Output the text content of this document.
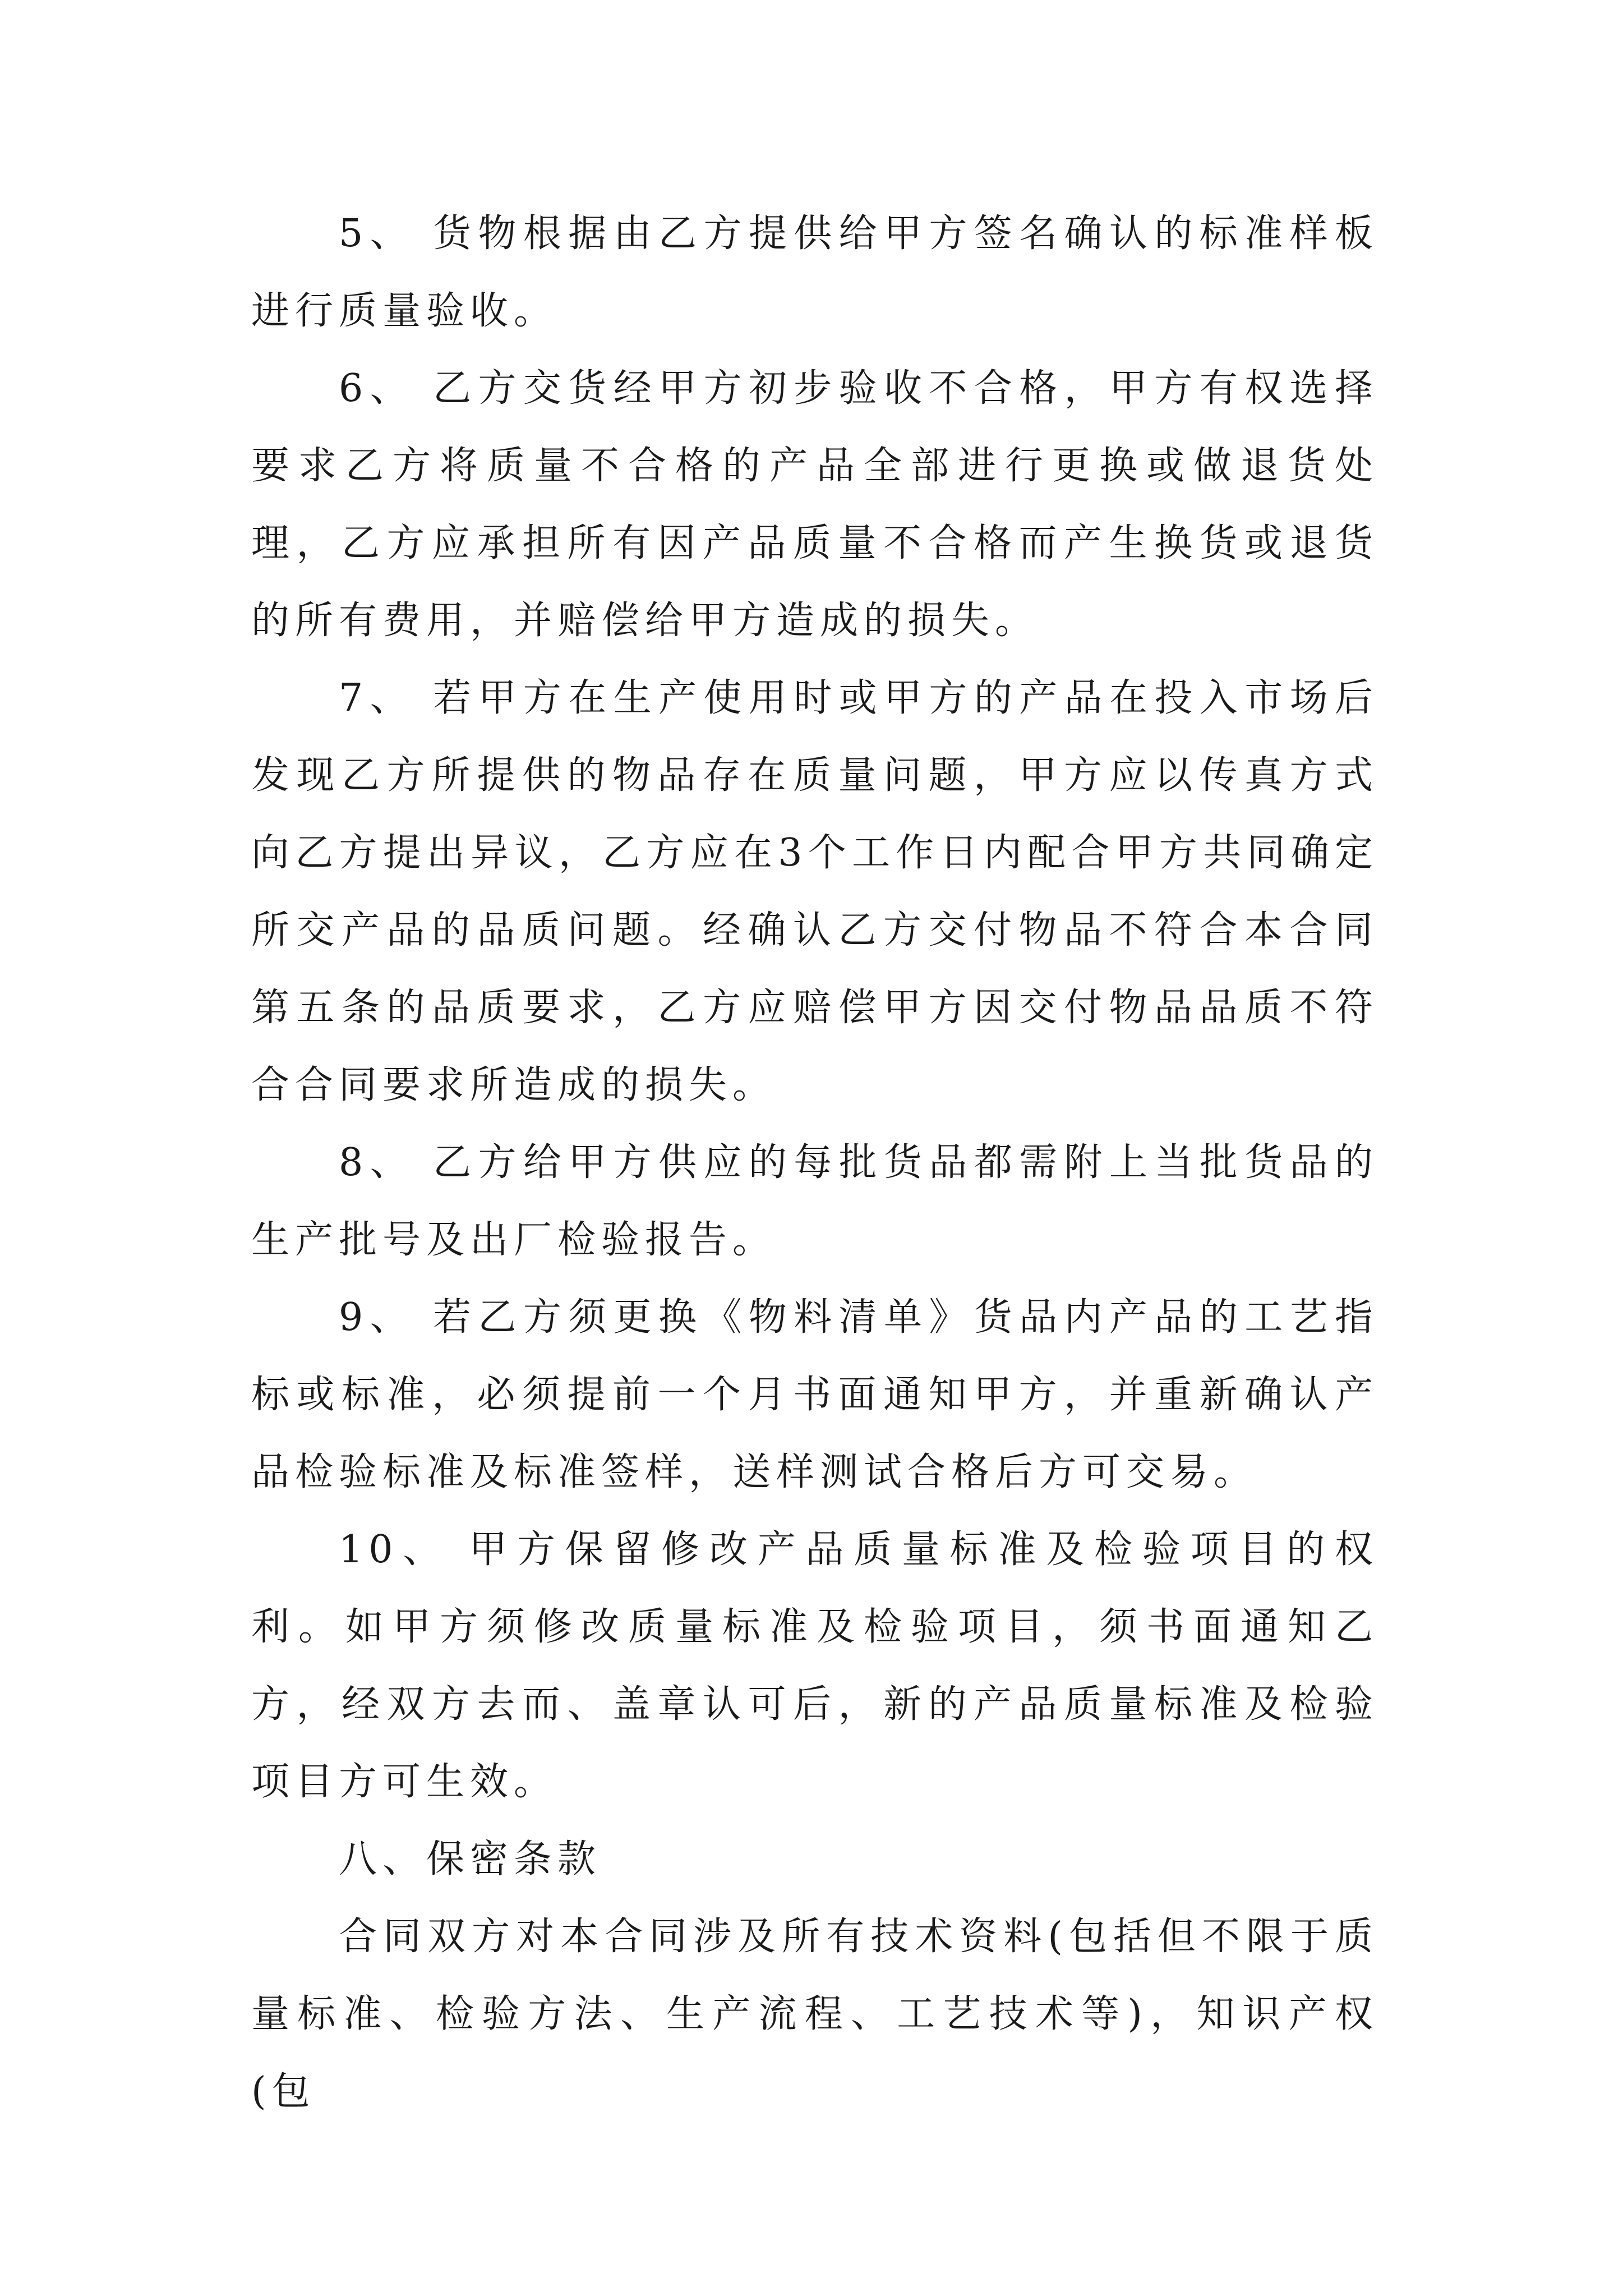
5、 货物根据由乙方提供给甲方签名确认的标准样板进行质量验收。

6、 乙方交货经甲方初步验收不合格，甲方有权选择要求乙方将质量不合格的产品全部进行更换或做退货处理，乙方应承担所有因产品质量不合格而产生换货或退货的所有费用，并赔偿给甲方造成的损失。

7、 若甲方在生产使用时或甲方的产品在投入市场后发现乙方所提供的物品存在质量问题，甲方应以传真方式向乙方提出异议，乙方应在3个工作日内配合甲方共同确定所交产品的品质问题。经确认乙方交付物品不符合本合同第五条的品质要求，乙方应赔偿甲方因交付物品品质不符合合同要求所造成的损失。

8、 乙方给甲方供应的每批货品都需附上当批货品的生产批号及出厂检验报告。

9、 若乙方须更换《物料清单》货品内产品的工艺指标或标准，必须提前一个月书面通知甲方，并重新确认产品检验标准及标准签样，送样测试合格后方可交易。

10、 甲方保留修改产品质量标准及检验项目的权利。如甲方须修改质量标准及检验项目，须书面通知乙方，经双方去而、盖章认可后，新的产品质量标准及检验项目方可生效。

八、保密条款

合同双方对本合同涉及所有技术资料(包括但不限于质量标准、检验方法、生产流程、工艺技术等)，知识产权(包
